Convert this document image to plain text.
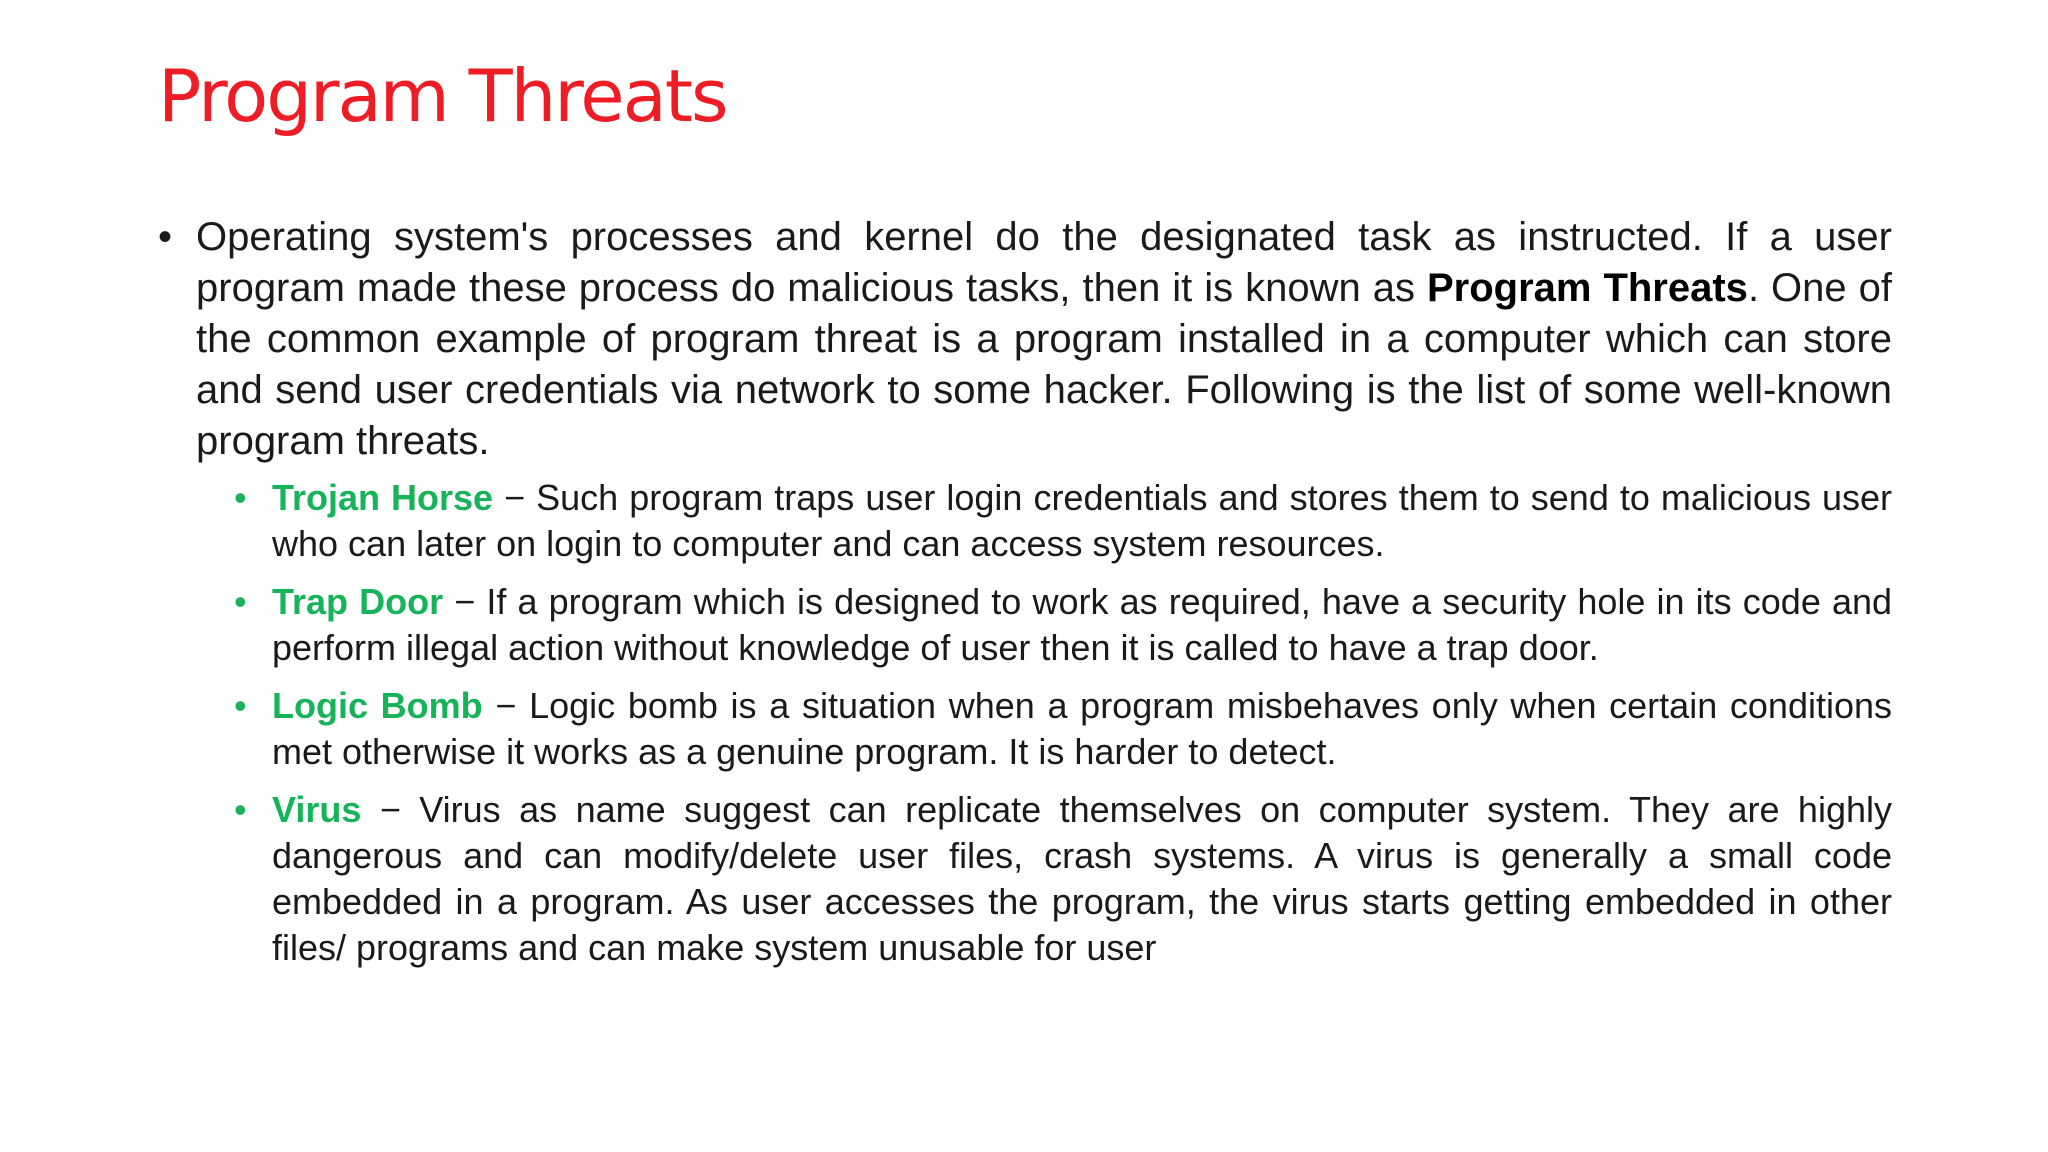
Program Threats
• Operating system's processes and kernel do the designated task as instructed. If a user program made these process do malicious tasks, then it is known as Program Threats. One of the common example of program threat is a program installed in a computer which can store and send user credentials via network to some hacker. Following is the list of some well-known program threats.
• Trojan Horse − Such program traps user login credentials and stores them to send to malicious user who can later on login to computer and can access system resources.
• Trap Door − If a program which is designed to work as required, have a security hole in its code and perform illegal action without knowledge of user then it is called to have a trap door.
• Logic Bomb − Logic bomb is a situation when a program misbehaves only when certain conditions met otherwise it works as a genuine program. It is harder to detect.
• Virus − Virus as name suggest can replicate themselves on computer system. They are highly dangerous and can modify/delete user files, crash systems. A virus is generally a small code embedded in a program. As user accesses the program, the virus starts getting embedded in other files/ programs and can make system unusable for user
